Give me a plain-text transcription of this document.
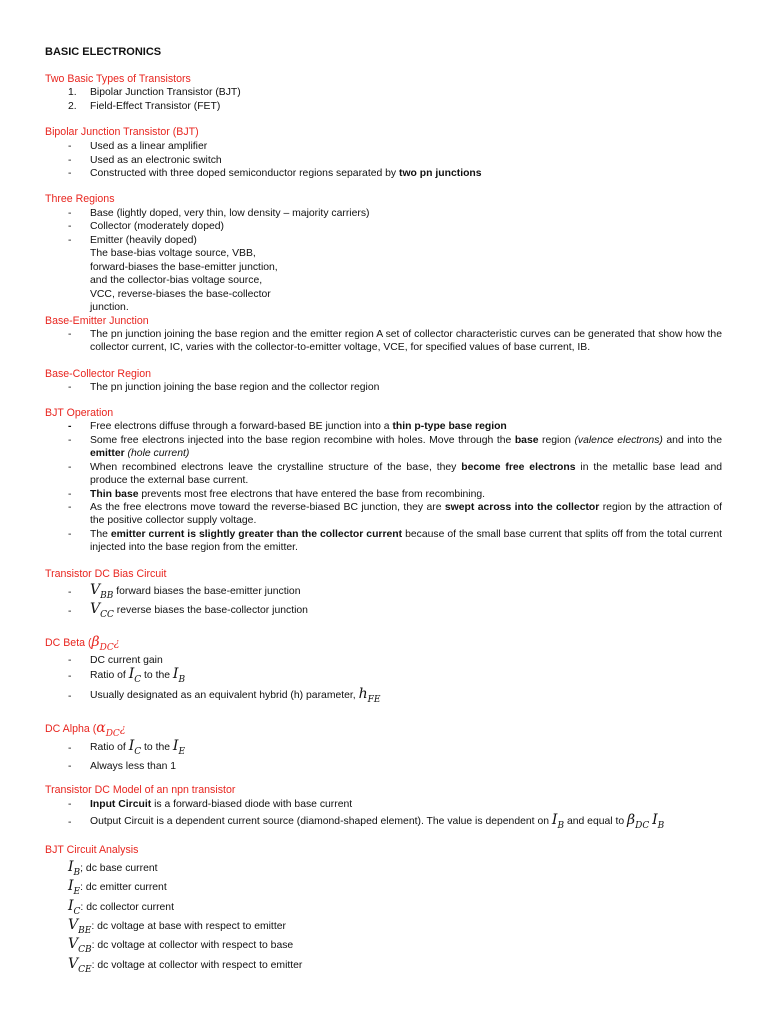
BASIC ELECTRONICS
Two Basic Types of Transistors
1. Bipolar Junction Transistor (BJT)
2. Field-Effect Transistor (FET)
Bipolar Junction Transistor (BJT)
- Used as a linear amplifier
- Used as an electronic switch
- Constructed with three doped semiconductor regions separated by two pn junctions
Three Regions
- Base (lightly doped, very thin, low density – majority carriers)
- Collector (moderately doped)
- Emitter (heavily doped)
The base-bias voltage source, VBB,
forward-biases the base-emitter junction,
and the collector-bias voltage source,
VCC, reverse-biases the base-collector
junction.
Base-Emitter Junction
- The pn junction joining the base region and the emitter region A set of collector characteristic curves can be generated that show how the collector current, IC, varies with the collector-to-emitter voltage, VCE, for specified values of base current, IB.
Base-Collector Region
- The pn junction joining the base region and the collector region
BJT Operation
- Free electrons diffuse through a forward-based BE junction into a thin p-type base region
- Some free electrons injected into the base region recombine with holes. Move through the base region (valence electrons) and into the emitter (hole current)
- When recombined electrons leave the crystalline structure of the base, they become free electrons in the metallic base lead and produce the external base current.
- Thin base prevents most free electrons that have entered the base from recombining.
- As the free electrons move toward the reverse-biased BC junction, they are swept across into the collector region by the attraction of the positive collector supply voltage.
- The emitter current is slightly greater than the collector current because of the small base current that splits off from the total current injected into the base region from the emitter.
Transistor DC Bias Circuit
- VBB forward biases the base-emitter junction
- VCC reverse biases the base-collector junction
DC Beta ($\beta_{DC}¿$
- DC current gain
- Ratio of IC to the IB
- Usually designated as an equivalent hybrid (h) parameter, hFE
DC Alpha ($\alpha_{DC}¿$
- Ratio of IC to the IE
- Always less than 1
Transistor DC Model of an npn transistor
- Input Circuit is a forward-biased diode with base current
- Output Circuit is a dependent current source (diamond-shaped element). The value is dependent on IB and equal to βDC IB
BJT Circuit Analysis
IB; dc base current
IE: dc emitter current
IC: dc collector current
VBE: dc voltage at base with respect to emitter
VCB: dc voltage at collector with respect to base
VCE: dc voltage at collector with respect to emitter
